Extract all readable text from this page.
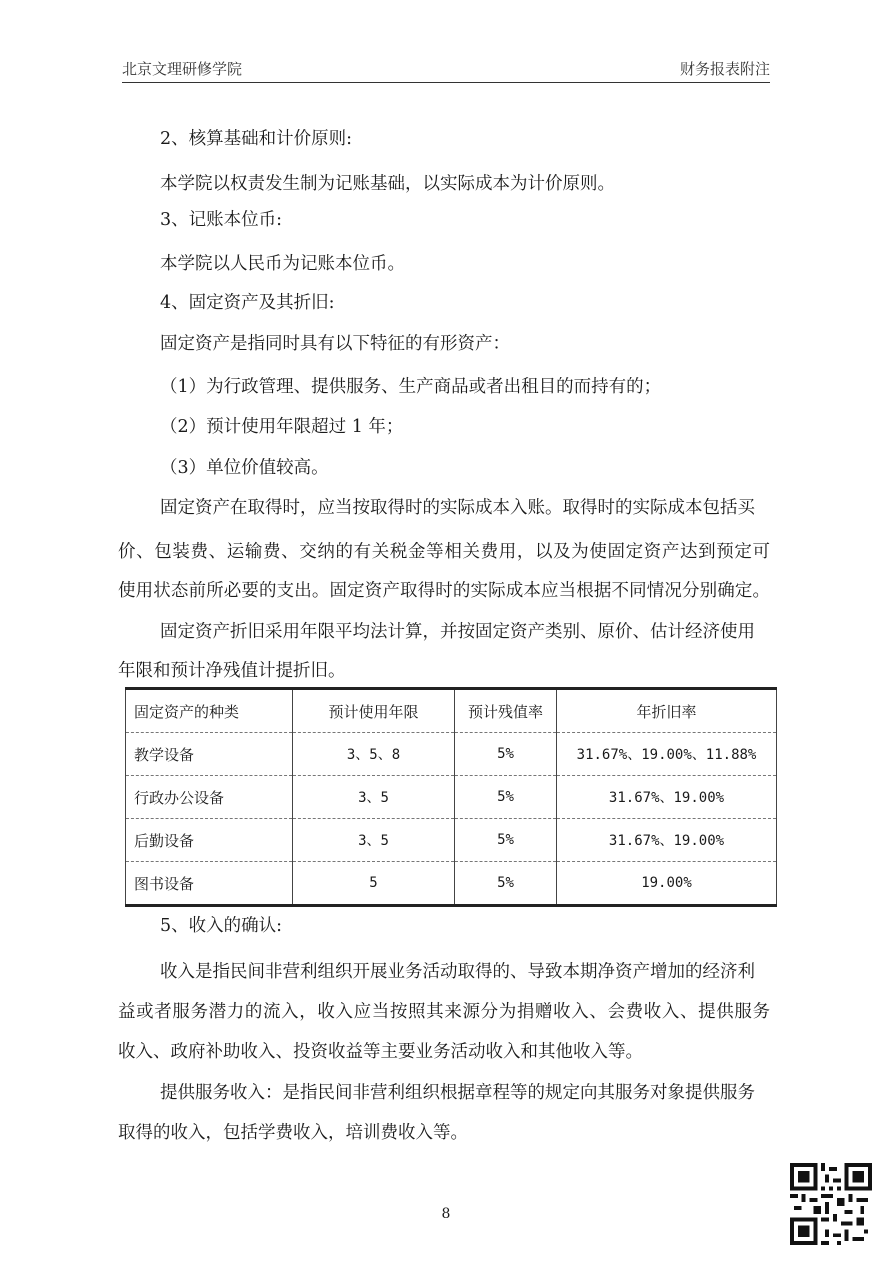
北京文理研修学院	财务报表附注
2、核算基础和计价原则:
本学院以权责发生制为记账基础，以实际成本为计价原则。
3、记账本位币:
本学院以人民币为记账本位币。
4、固定资产及其折旧:
固定资产是指同时具有以下特征的有形资产：
（1）为行政管理、提供服务、生产商品或者出租目的而持有的；
（2）预计使用年限超过 1 年；
（3）单位价值较高。
固定资产在取得时，应当按取得时的实际成本入账。取得时的实际成本包括买
价、包装费、运输费、交纳的有关税金等相关费用，以及为使固定资产达到预定可
使用状态前所必要的支出。固定资产取得时的实际成本应当根据不同情况分别确定。
固定资产折旧采用年限平均法计算，并按固定资产类别、原价、估计经济使用
年限和预计净残值计提折旧。
固定资产的种类	预计使用年限	预计残值率	年折旧率
教学设备	3、5、8	5%	31.67%、19.00%、11.88%
行政办公设备	3、5	5%	31.67%、19.00%
后勤设备	3、5	5%	31.67%、19.00%
图书设备	5	5%	19.00%
5、收入的确认:
收入是指民间非营利组织开展业务活动取得的、导致本期净资产增加的经济利
益或者服务潜力的流入，收入应当按照其来源分为捐赠收入、会费收入、提供服务
收入、政府补助收入、投资收益等主要业务活动收入和其他收入等。
提供服务收入：是指民间非营利组织根据章程等的规定向其服务对象提供服务
取得的收入，包括学费收入，培训费收入等。
8
